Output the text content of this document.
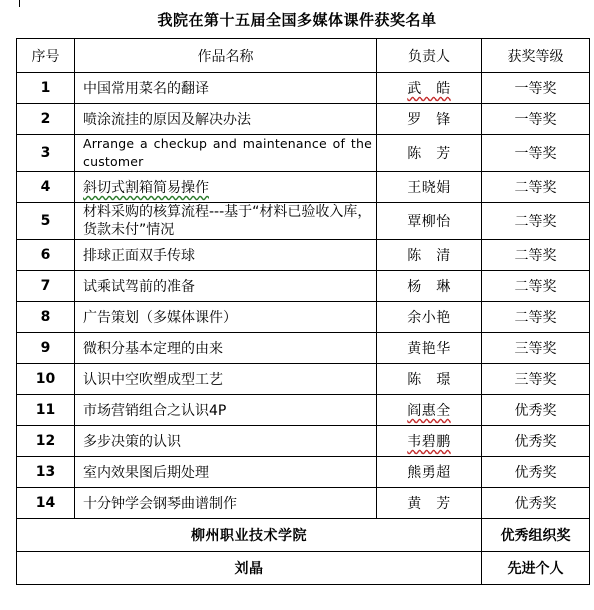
我院在第十五届全国多媒体课件获奖名单
序号	作品名称	负责人	获奖等级
1	中国常用菜名的翻译	武　皓	一等奖
2	喷涂流挂的原因及解决办法	罗　锋	一等奖
3	Arrange a checkup and maintenance of the customer	陈　芳	一等奖
4	斜切式割箱简易操作	王晓娟	二等奖
5	材料采购的核算流程---基于“材料已验收入库，货款未付”情况	覃柳怡	二等奖
6	排球正面双手传球	陈　清	二等奖
7	试乘试驾前的准备	杨　琳	二等奖
8	广告策划（多媒体课件）	余小艳	二等奖
9	微积分基本定理的由来	黄艳华	三等奖
10	认识中空吹塑成型工艺	陈　璟	三等奖
11	市场营销组合之认识4P	阎惠全	优秀奖
12	多步决策的认识	韦碧鹏	优秀奖
13	室内效果图后期处理	熊勇超	优秀奖
14	十分钟学会钢琴曲谱制作	黄　芳	优秀奖
柳州职业技术学院			优秀组织奖
刘晶			先进个人
